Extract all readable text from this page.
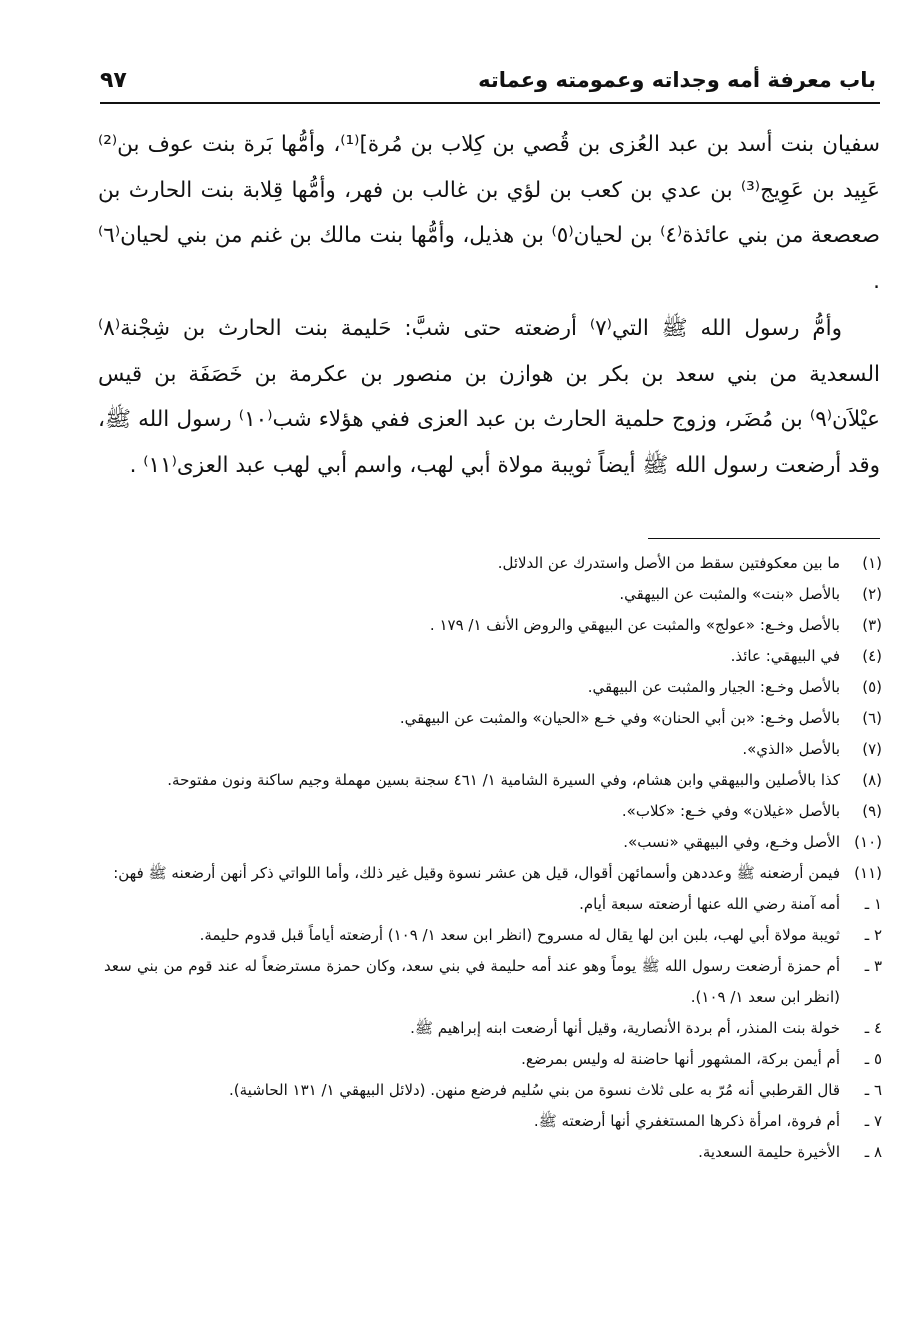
باب معرفة أمه وجداته وعمومته وعماته
٩٧

سفيان بنت أسد بن عبد العُزى بن قُصي بن كِلاب بن مُرة]⁽¹⁾، وأمُّها بَرة بنت عوف بن⁽²⁾ عَبِيد بن عَوِيج⁽³⁾ بن عدي بن كعب بن لؤي بن غالب بن فهر، وأمُّها قِلابة بنت الحارث بن صعصعة من بني عائذة⁽٤⁾ بن لحيان⁽٥⁾ بن هذيل، وأمُّها بنت مالك بن غنم من بني لحيان⁽٦⁾ .

وأمُّ رسول الله ﷺ التي⁽٧⁾ أرضعته حتى شبَّ: حَليمة بنت الحارث بن شِجْنة⁽٨⁾ السعدية من بني سعد بن بكر بن هوازن بن منصور بن عكرمة بن خَصَفَة بن قيس عيْلاَن⁽٩⁾ بن مُضَر، وزوج حلمية الحارث بن عبد العزى ففي هؤلاء شب⁽١٠⁾ رسول الله ﷺ، وقد أرضعت رسول الله ﷺ أيضاً ثويبة مولاة أبي لهب، واسم أبي لهب عبد العزى⁽١١⁾ .

(١)
ما بين معكوفتين سقط من الأصل واستدرك عن الدلائل.
(٢)
بالأصل «بنت» والمثبت عن البيهقي.
(٣)
بالأصل وخـع: «عولج» والمثبت عن البيهقي والروض الأنف ١/ ١٧٩ .
(٤)
في البيهقي: عائذ.
(٥)
بالأصل وخـع: الجيار والمثبت عن البيهقي.
(٦)
بالأصل وخـع: «بن أبي الحنان» وفي خـع «الحيان» والمثبت عن البيهقي.
(٧)
بالأصل «الذي».
(٨)
كذا بالأصلين والبيهقي وابن هشام، وفي السيرة الشامية ١/ ٤٦١ سجنة بسين مهملة وجيم ساكنة ونون مفتوحة.
(٩)
بالأصل «غيلان» وفي خـع: «كلاب».
(١٠)
الأصل وخـع، وفي البيهقي «نسب».
(١١)
فيمن أرضعنه ﷺ وعددهن وأسمائهن أقوال، قيل هن عشر نسوة وقيل غير ذلك، وأما اللواتي ذكر أنهن أرضعنه ﷺ فهن:
١ ـ
أمه آمنة رضي الله عنها أرضعته سبعة أيام.
٢ ـ
ثويبة مولاة أبي لهب، بلبن ابن لها يقال له مسروح (انظر ابن سعد ١/ ١٠٩) أرضعته أياماً قبل قدوم حليمة.
٣ ـ
أم حمزة أرضعت رسول الله ﷺ يوماً وهو عند أمه حليمة في بني سعد، وكان حمزة مسترضعاً له عند قوم من بني سعد (انظر ابن سعد ١/ ١٠٩).
٤ ـ
خولة بنت المنذر، أم بردة الأنصارية، وقيل أنها أرضعت ابنه إبراهيم ﷺ.
٥ ـ
أم أيمن بركة، المشهور أنها حاضنة له وليس بمرضع.
٦ ـ
قال القرطبي أنه مُرّ به على ثلاث نسوة من بني سُليم فرضع منهن. (دلائل البيهقي ١/ ١٣١ الحاشية).
٧ ـ
أم فروة، امرأة ذكرها المستغفري أنها أرضعته ﷺ.
٨ ـ
الأخيرة حليمة السعدية.
